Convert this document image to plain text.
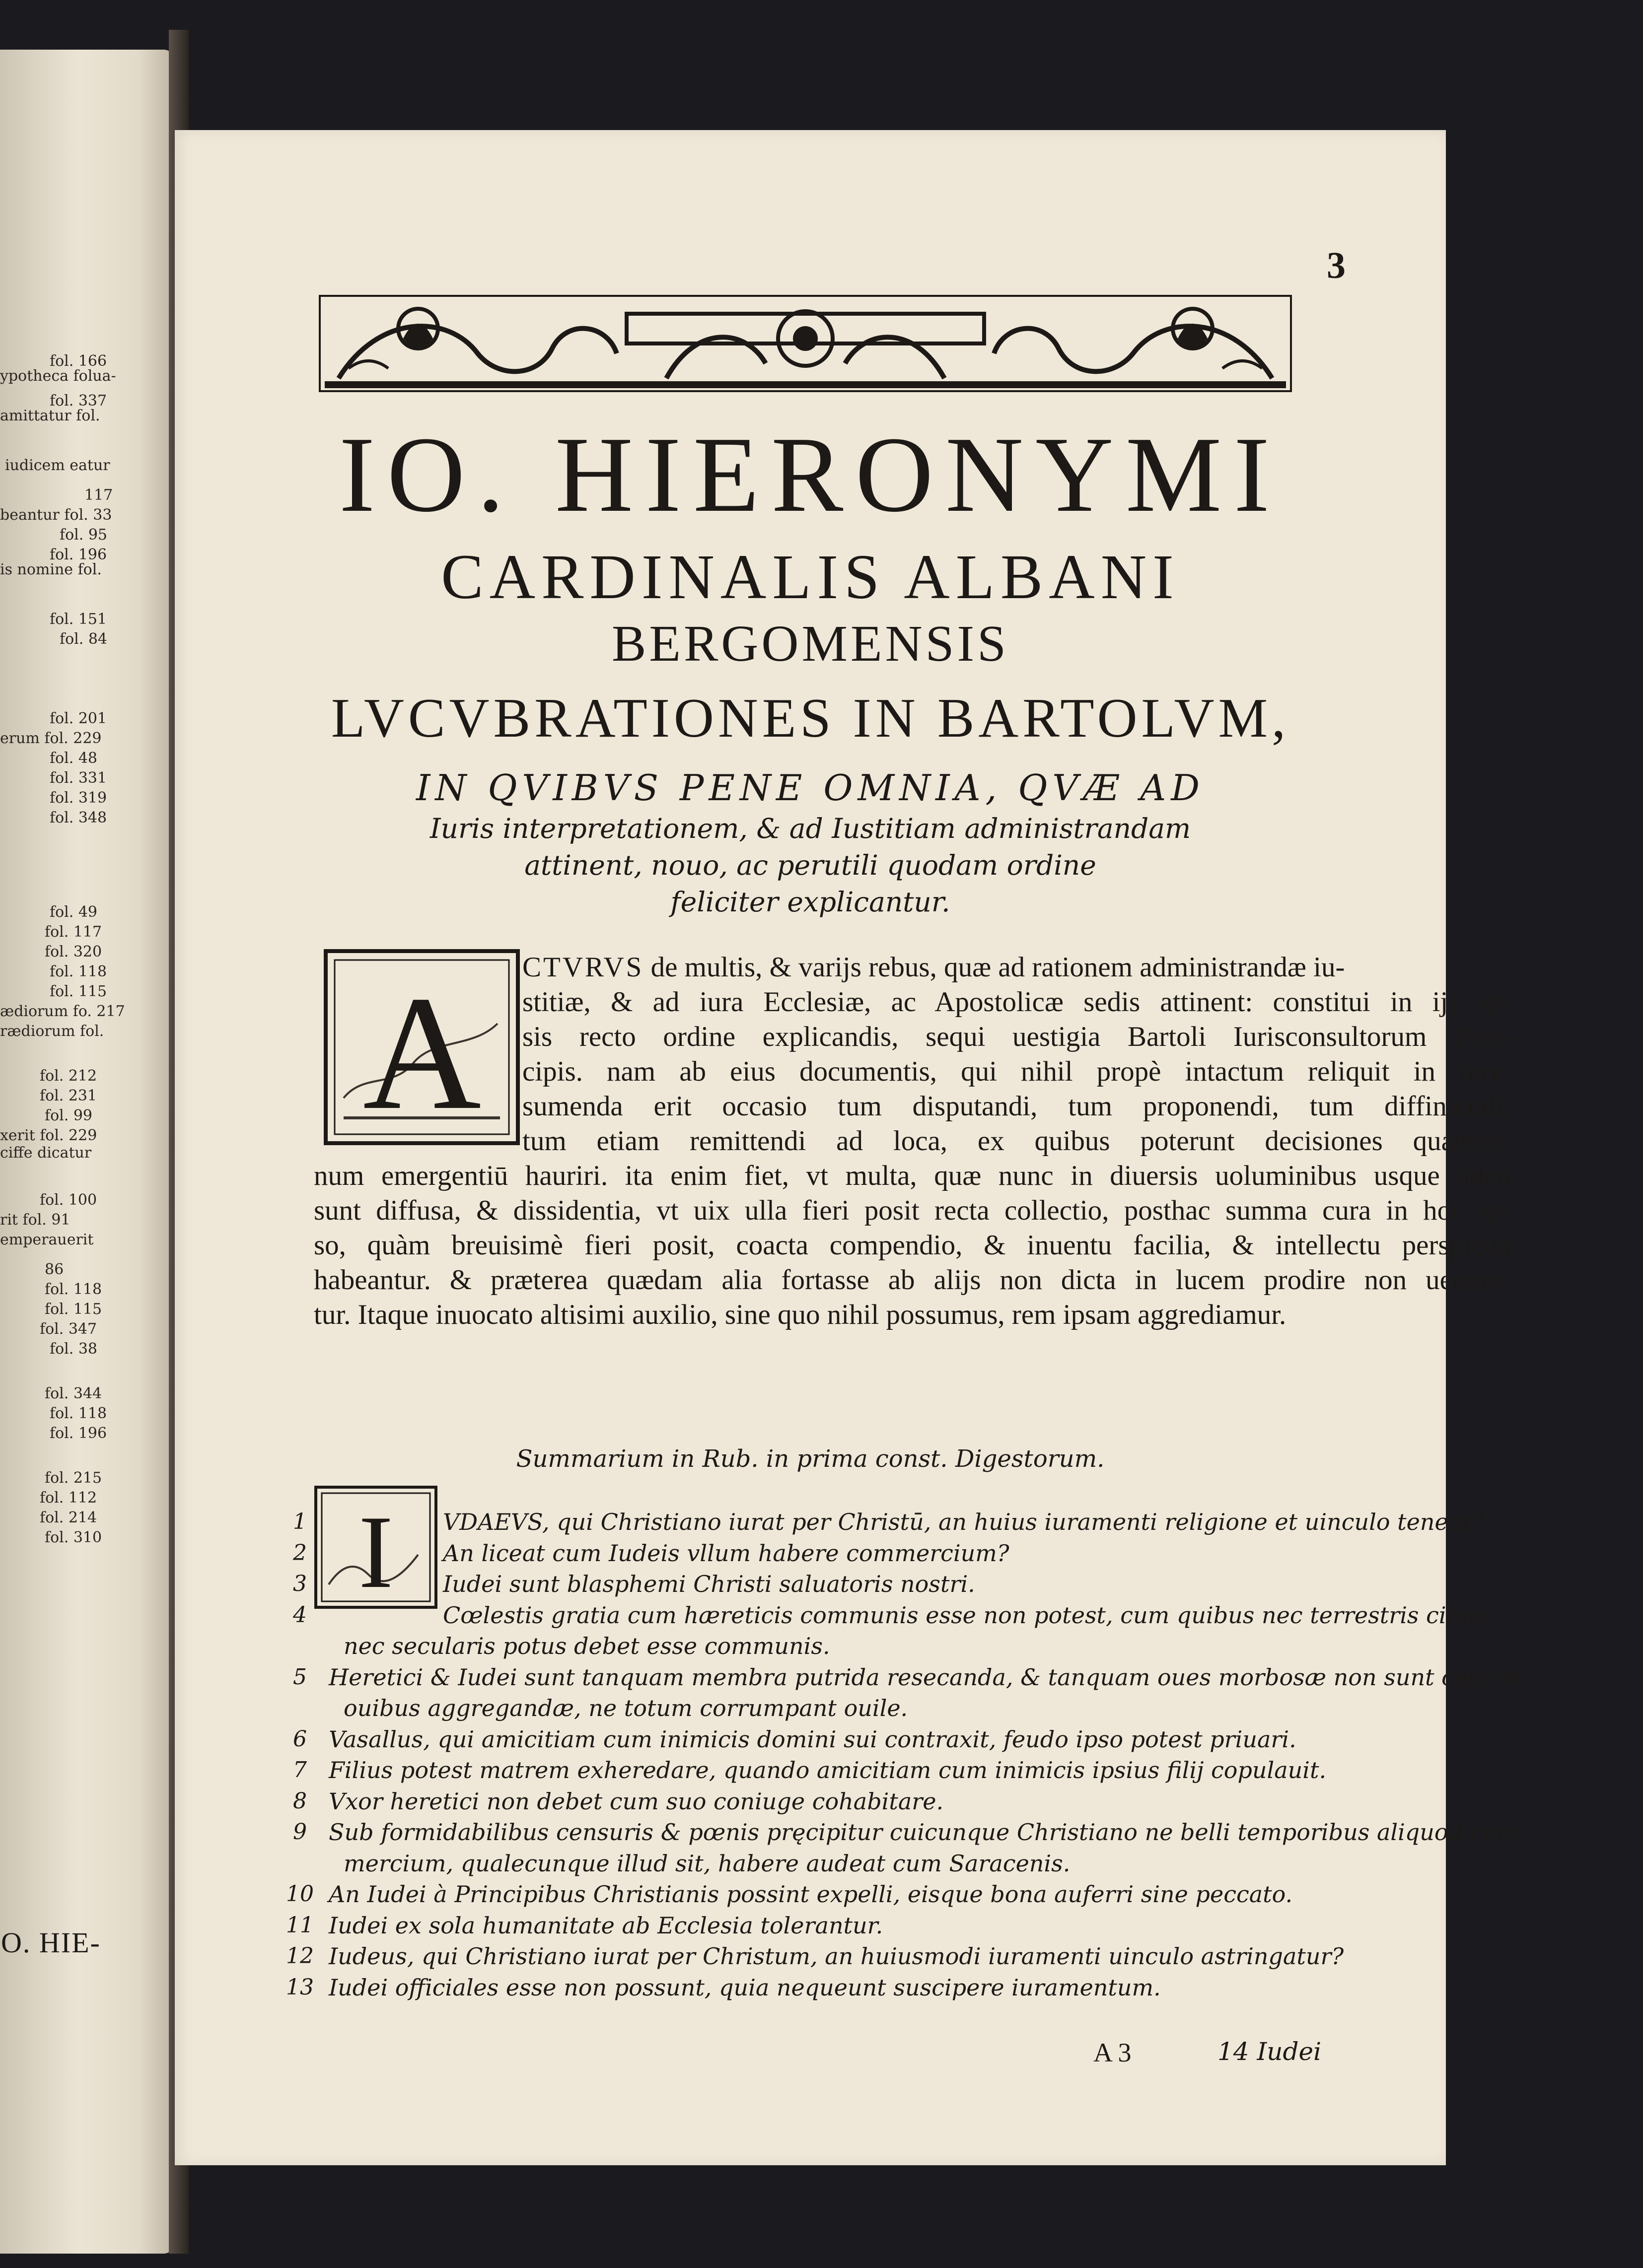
fol. 166
ypotheca folua-
fol. 337
amittatur fol.
iudicem eatur
117
beantur fol. 33
fol. 95
fol. 196
is nomine fol.
fol. 151
fol. 84
fol. 201
erum fol. 229
fol. 48
fol. 331
fol. 319
fol. 348
fol. 49
fol. 117
fol. 320
fol. 118
fol. 115
ædiorum fo. 217
rædiorum fol.
fol. 212
fol. 231
fol. 99
xerit fol. 229
ciffe dicatur
fol. 100
rit fol. 91
emperauerit
86
fol. 118
fol. 115
fol. 347
fol. 38
fol. 344
fol. 118
fol. 196
fol. 215
fol. 112
fol. 214
fol. 310
O. HIE-
3
IO. HIERONYMI
CARDINALIS ALBANI
BERGOMENSIS
LVCVBRATIONES IN BARTOLVM,
IN QVIBVS PENE OMNIA, QVÆ AD
Iuris interpretationem, & ad Iustitiam administrandam
attinent, nouo, ac perutili quodam ordine
feliciter explicantur.
A CTVRVS de multis, & varijs rebus, quæ ad rationem administrandæ iu-
stitiæ, & ad iura Ecclesiæ, ac Apostolicæ sedis attinent: constitui in ijs ip-
sis recto ordine explicandis, sequi uestigia Bartoli Iurisconsultorum Prin-
cipis. nam ab eius documentis, qui nihil propè intactum reliquit in iure,
sumenda erit occasio tum disputandi, tum proponendi, tum diffiniendi,
tum etiam remittendi ad loca, ex quibus poterunt decisiones quæstio-
num emergentiū hauriri. ita enim fiet, vt multa, quæ nunc in diuersis uoluminibus usque adeò
sunt diffusa, & dissidentia, vt uix ulla fieri posit recta collectio, posthac summa cura in hoc ip-
so, quàm breuisimè fieri posit, coacta compendio, & inuentu facilia, & intellectu perspicua
habeantur. & præterea quædam alia fortasse ab alijs non dicta in lucem prodire non uerean-
tur. Itaque inuocato altisimi auxilio, sine quo nihil possumus, rem ipsam aggrediamur.
Summarium in Rub. in prima const. Digestorum.
I
1	VDAEVS, qui Christiano iurat per Christū, an huius iuramenti religione et uinculo teneat?
2	An liceat cum Iudeis vllum habere commercium?
3	Iudei sunt blasphemi Christi saluatoris nostri.
4	Cœlestis gratia cum hæreticis communis esse non potest, cum quibus nec terrestris cibus,
nec secularis potus debet esse communis.
5 Heretici & Iudei sunt tanquam membra putrida resecanda, & tanquam oues morbosæ non sunt cęteris
ouibus aggregandæ, ne totum corrumpant ouile.
6 Vasallus, qui amicitiam cum inimicis domini sui contraxit, feudo ipso potest priuari.
7 Filius potest matrem exheredare, quando amicitiam cum inimicis ipsius filij copulauit.
8 Vxor heretici non debet cum suo coniuge cohabitare.
9 Sub formidabilibus censuris & pœnis pręcipitur cuicunque Christiano ne belli temporibus aliquod com
mercium, qualecunque illud sit, habere audeat cum Saracenis.
10 An Iudei à Principibus Christianis possint expelli, eisque bona auferri sine peccato.
11 Iudei ex sola humanitate ab Ecclesia tolerantur.
12 Iudeus, qui Christiano iurat per Christum, an huiusmodi iuramenti uinculo astringatur?
13 Iudei officiales esse non possunt, quia nequeunt suscipere iuramentum.
A 3	14 Iudei
